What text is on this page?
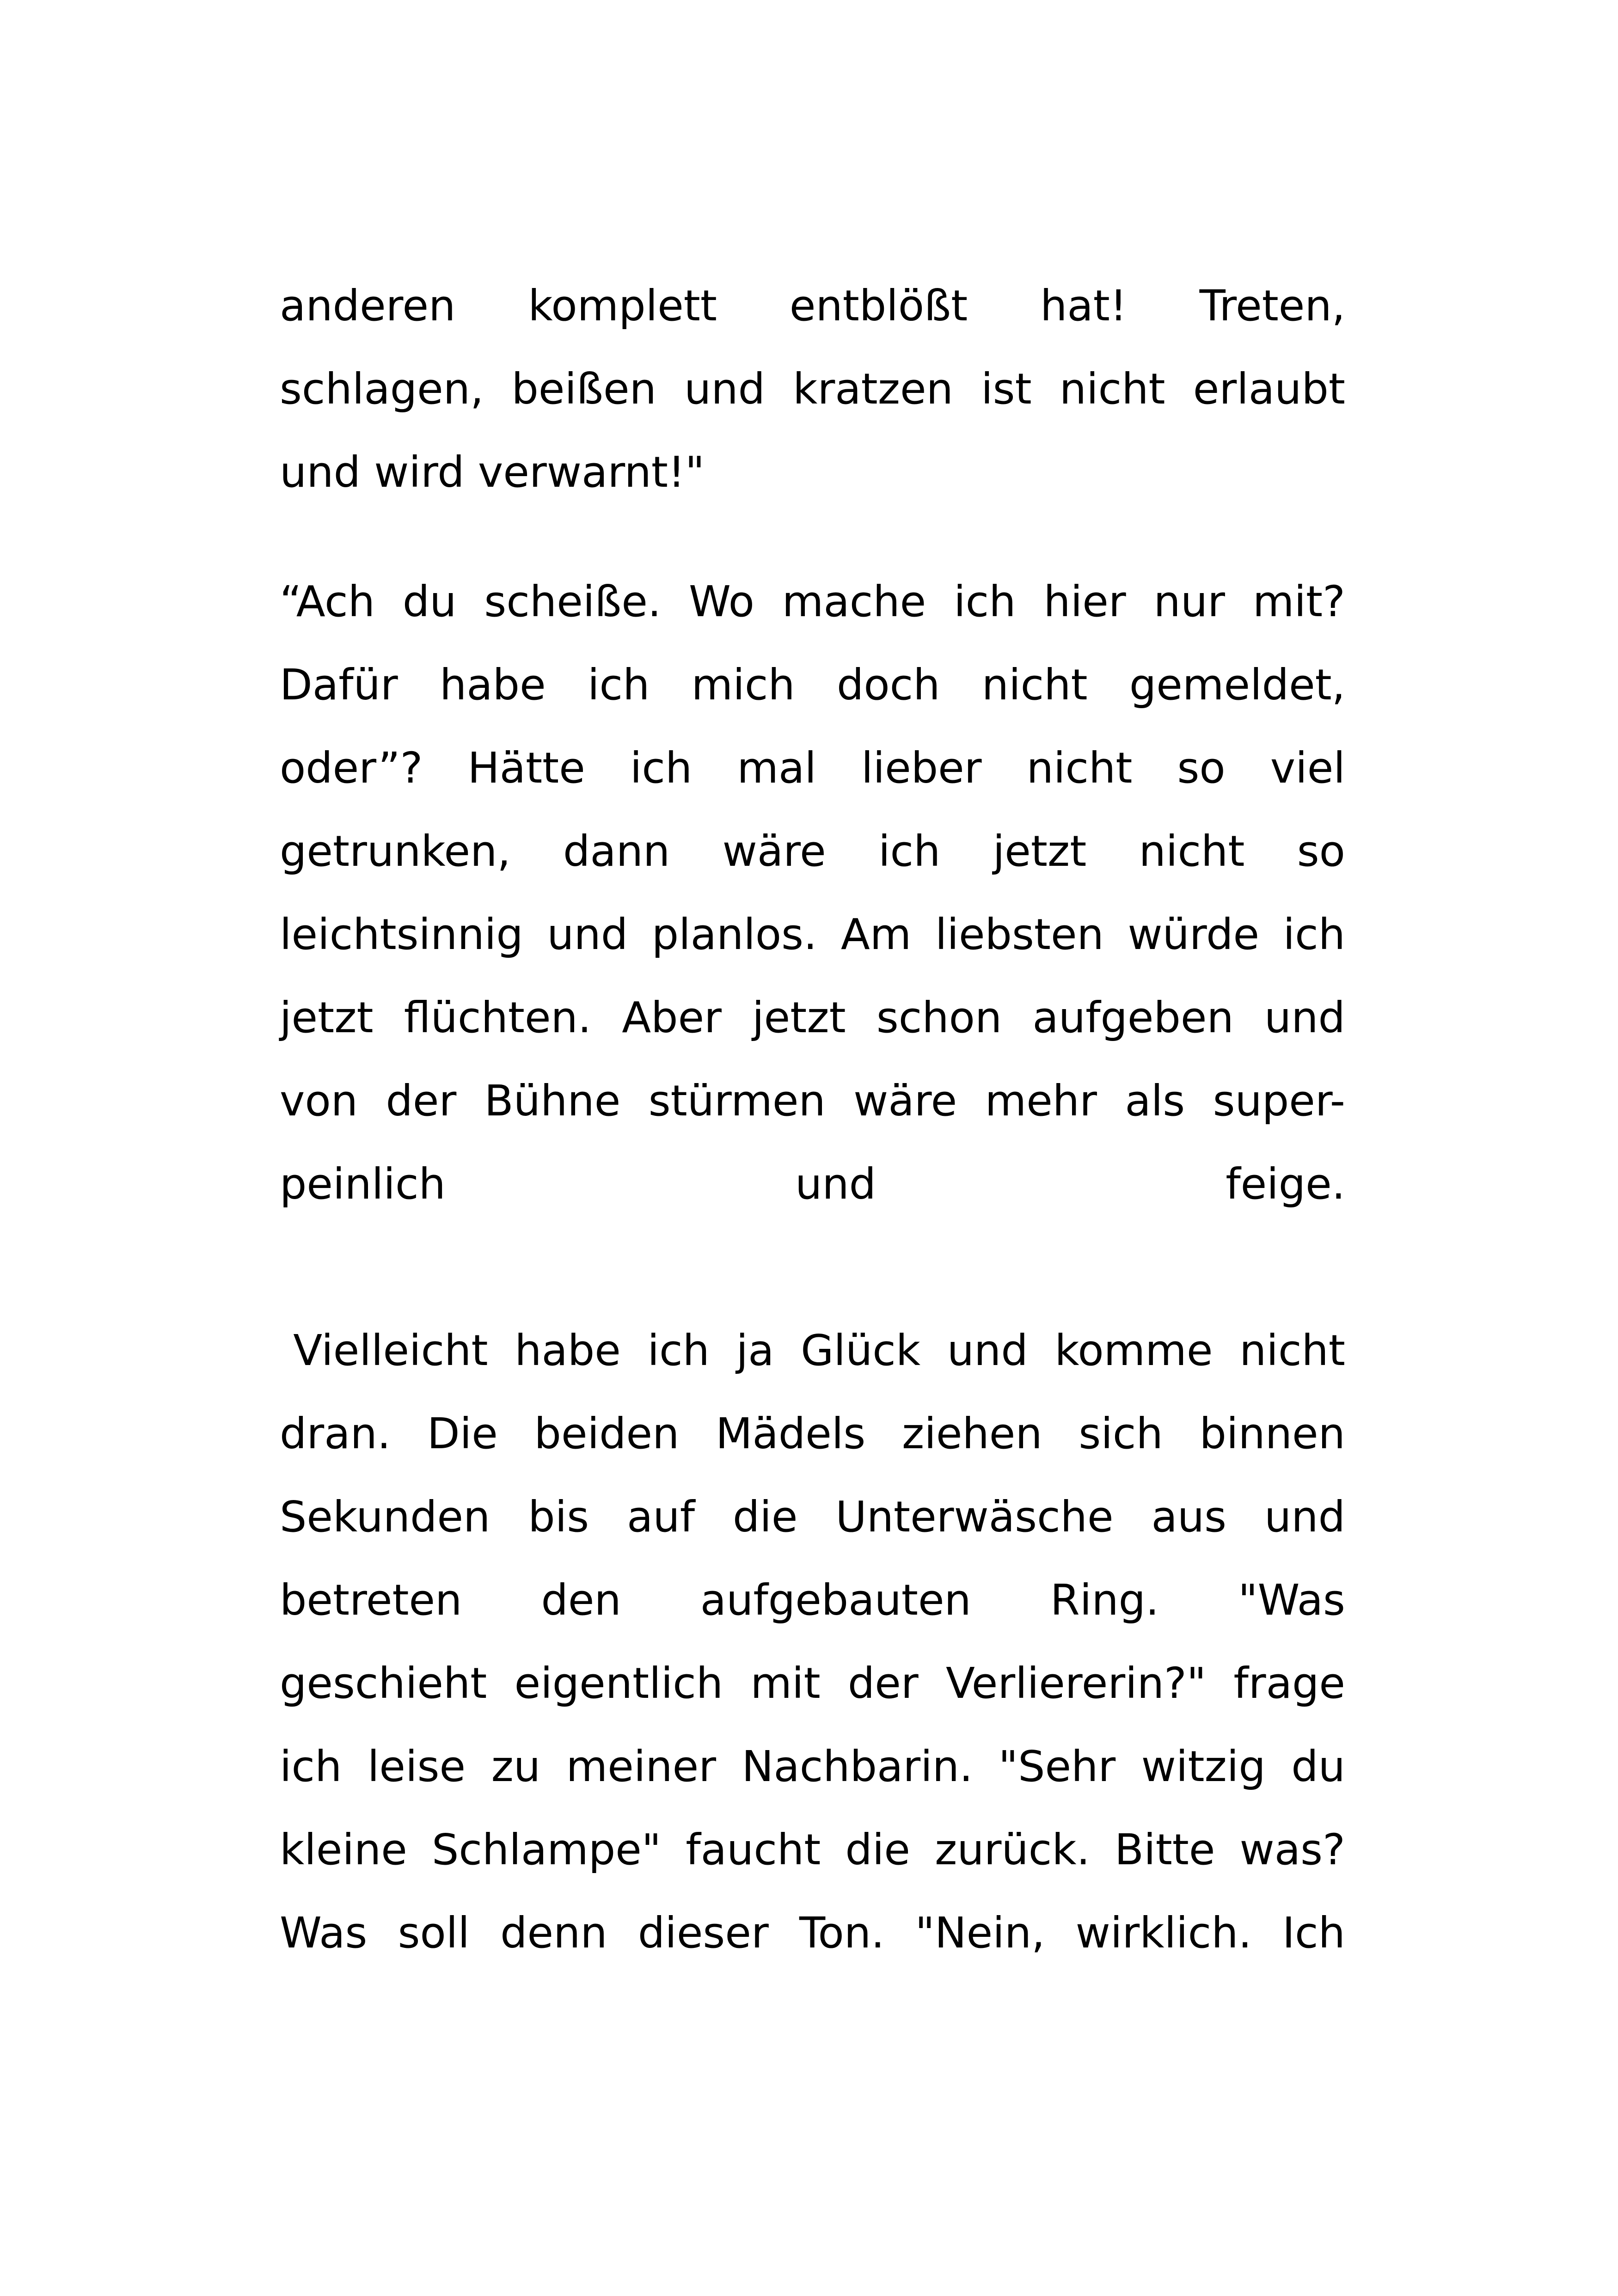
anderen komplett entblößt hat! Treten,
schlagen, beißen und kratzen ist nicht erlaubt
und wird verwarnt!"
“Ach du scheiße. Wo mache ich hier nur mit?
Dafür habe ich mich doch nicht gemeldet,
oder”? Hätte ich mal lieber nicht so viel
getrunken, dann wäre ich jetzt nicht so
leichtsinnig und planlos. Am liebsten würde ich
jetzt flüchten. Aber jetzt schon aufgeben und
von der Bühne stürmen wäre mehr als super-
peinlich	und	feige.
Vielleicht habe ich ja Glück und komme nicht
dran. Die beiden Mädels ziehen sich binnen
Sekunden bis auf die Unterwäsche aus und
betreten den aufgebauten Ring. "Was
geschieht eigentlich mit der Verliererin?" frage
ich leise zu meiner Nachbarin. "Sehr witzig du
kleine Schlampe" faucht die zurück. Bitte was?
Was soll denn dieser Ton. "Nein, wirklich. Ich
